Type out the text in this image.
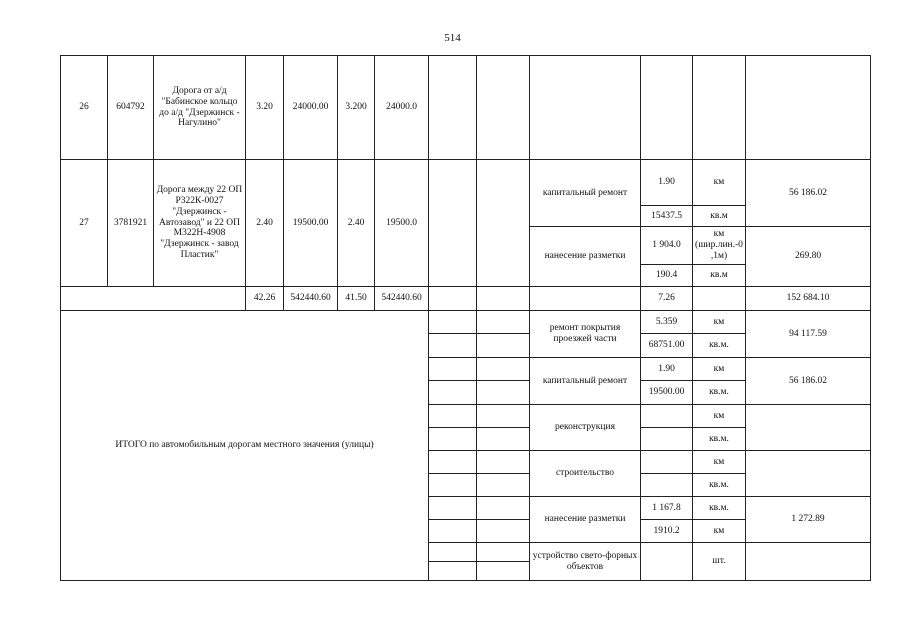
514
26	604792	Дорога от а/д "Бабинское кольцо до а/д "Дзержинск - Нагулино"	3.20	24000.00	3.200	24000.0						
27	3781921	Дорога между 22 ОП Р322К-0027 "Дзержинск - Автозавод" и 22 ОП М322Н-4908 "Дзержинск - завод Пластик"	2.40	19500.00	2.40	19500.0			капитальный ремонт	1.90	км	56 186.02
										15437.5	кв.м	
									нанесение разметки	1 904.0	км (шир.лин.-0,1м)	269.80
										190.4	кв.м	
			42.26	542440.60	41.50	542440.60				7.26		152 684.10
ИТОГО по автомобильным дорогам местного значения (улицы)									ремонт покрытия проезжей части	5.359	км	94 117.59
										68751.00	кв.м.	
									капитальный ремонт	1.90	км	56 186.02
										19500.00	кв.м.	
									реконструкция		км	
											кв.м.	
									строительство		км	
											кв.м.	
									нанесение разметки	1 167.8	кв.м.	1 272.89
										1910.2	км	
									устройство свето-форных объектов		шт.	
